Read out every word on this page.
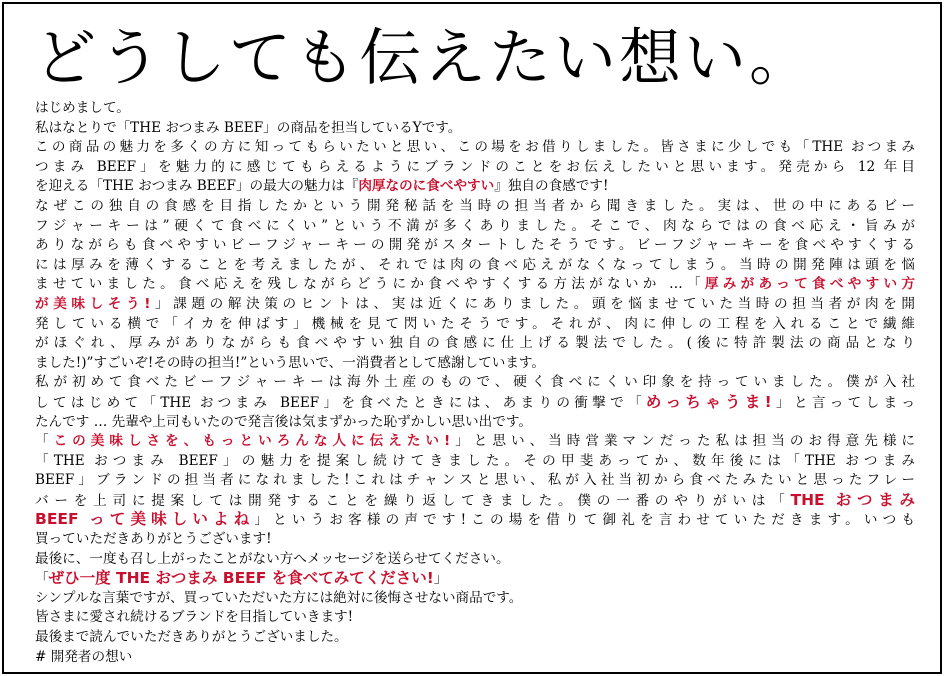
どうしても伝えたい想い。
はじめまして。
私はなとりで「THE おつまみ BEEF」の商品を担当しているYです。
この商品の魅力を多くの方に知ってもらいたいと思い、この場をお借りしました。皆さまに少しでも「THE おつまみ
つまみ BEEF」を魅力的に感じてもらえるようにブランドのことをお伝えしたいと思います。発売から 12 年目
を迎える「THE おつまみ BEEF」の最大の魅力は『肉厚なのに食べやすい』独自の食感です!
なぜこの独自の食感を目指したかという開発秘話を当時の担当者から聞きました。実は、世の中にあるビー
フジャーキーは”硬くて食べにくい”という不満が多くありました。そこで、肉ならではの食べ応え・旨みが
ありながらも食べやすいビーフジャーキーの開発がスタートしたそうです。ビーフジャーキーを食べやすくする
には厚みを薄くすることを考えましたが、それでは肉の食べ応えがなくなってしまう。当時の開発陣は頭を悩
ませていました。食べ応えを残しながらどうにか食べやすくする方法がないか …「厚みがあって食べやすい方
が美味しそう!」課題の解決策のヒントは、実は近くにありました。頭を悩ませていた当時の担当者が肉を開
発している横で「イカを伸ばす」機械を見て閃いたそうです。それが、肉に伸しの工程を入れることで繊維
がほぐれ、厚みがありながらも食べやすい独自の食感に仕上げる製法でした。(後に特許製法の商品となり
ました!)”すごいぞ!その時の担当!”という思いで、一消費者として感謝しています。
私が初めて食べたビーフジャーキーは海外土産のもので、硬く食べにくい印象を持っていました。僕が入社
してはじめて「THE おつまみ BEEF」を食べたときには、あまりの衝撃で「めっちゃうま!」と言ってしまっ
たんです … 先輩や上司もいたので発言後は気まずかった恥ずかしい思い出です。
「この美味しさを、もっといろんな人に伝えたい!」と思い、当時営業マンだった私は担当のお得意先様に
「THE おつまみ BEEF」の魅力を提案し続けてきました。その甲斐あってか、数年後には「THE おつまみ
BEEF」ブランドの担当者になれました!これはチャンスと思い、私が入社当初から食べたみたいと思ったフレー
バーを上司に提案しては開発することを繰り返してきました。僕の一番のやりがいは「THE おつまみ
BEEF って美味しいよね」というお客様の声です!この場を借りて御礼を言わせていただきます。いつも
買っていただきありがとうございます!
最後に、一度も召し上がったことがない方へメッセージを送らせてください。
「ぜひ一度 THE おつまみ BEEF を食べてみてください!」
シンプルな言葉ですが、買っていただいた方には絶対に後悔させない商品です。
皆さまに愛され続けるブランドを目指していきます!
最後まで読んでいただきありがとうございました。
# 開発者の想い
